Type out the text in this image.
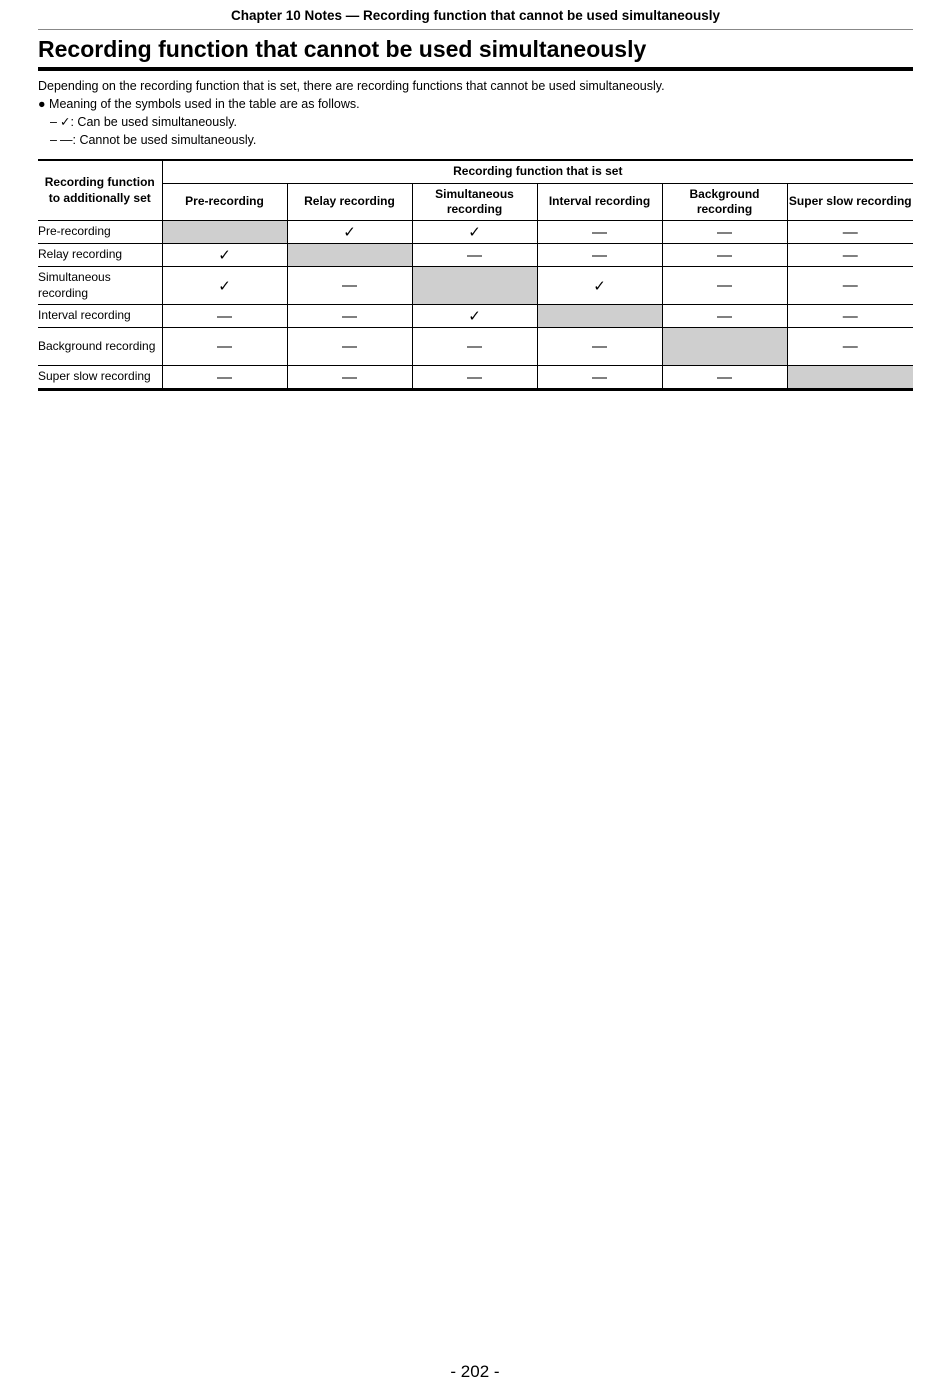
Chapter 10 Notes — Recording function that cannot be used simultaneously
Recording function that cannot be used simultaneously
Depending on the recording function that is set, there are recording functions that cannot be used simultaneously.
● Meaning of the symbols used in the table are as follows.
– ✓: Can be used simultaneously.
– —: Cannot be used simultaneously.
Recording function to additionally set	Recording function that is set					
	Pre-recording	Relay recording	Simultaneous recording	Interval recording	Background recording	Super slow recording
Pre-recording		✓	✓	—	—	—
Relay recording	✓		—	—	—	—
Simultaneous recording	✓	—		✓	—	—
Interval recording	—	—	✓		—	—
Background recording	—	—	—	—		—
Super slow recording	—	—	—	—	—	
- 202 -
